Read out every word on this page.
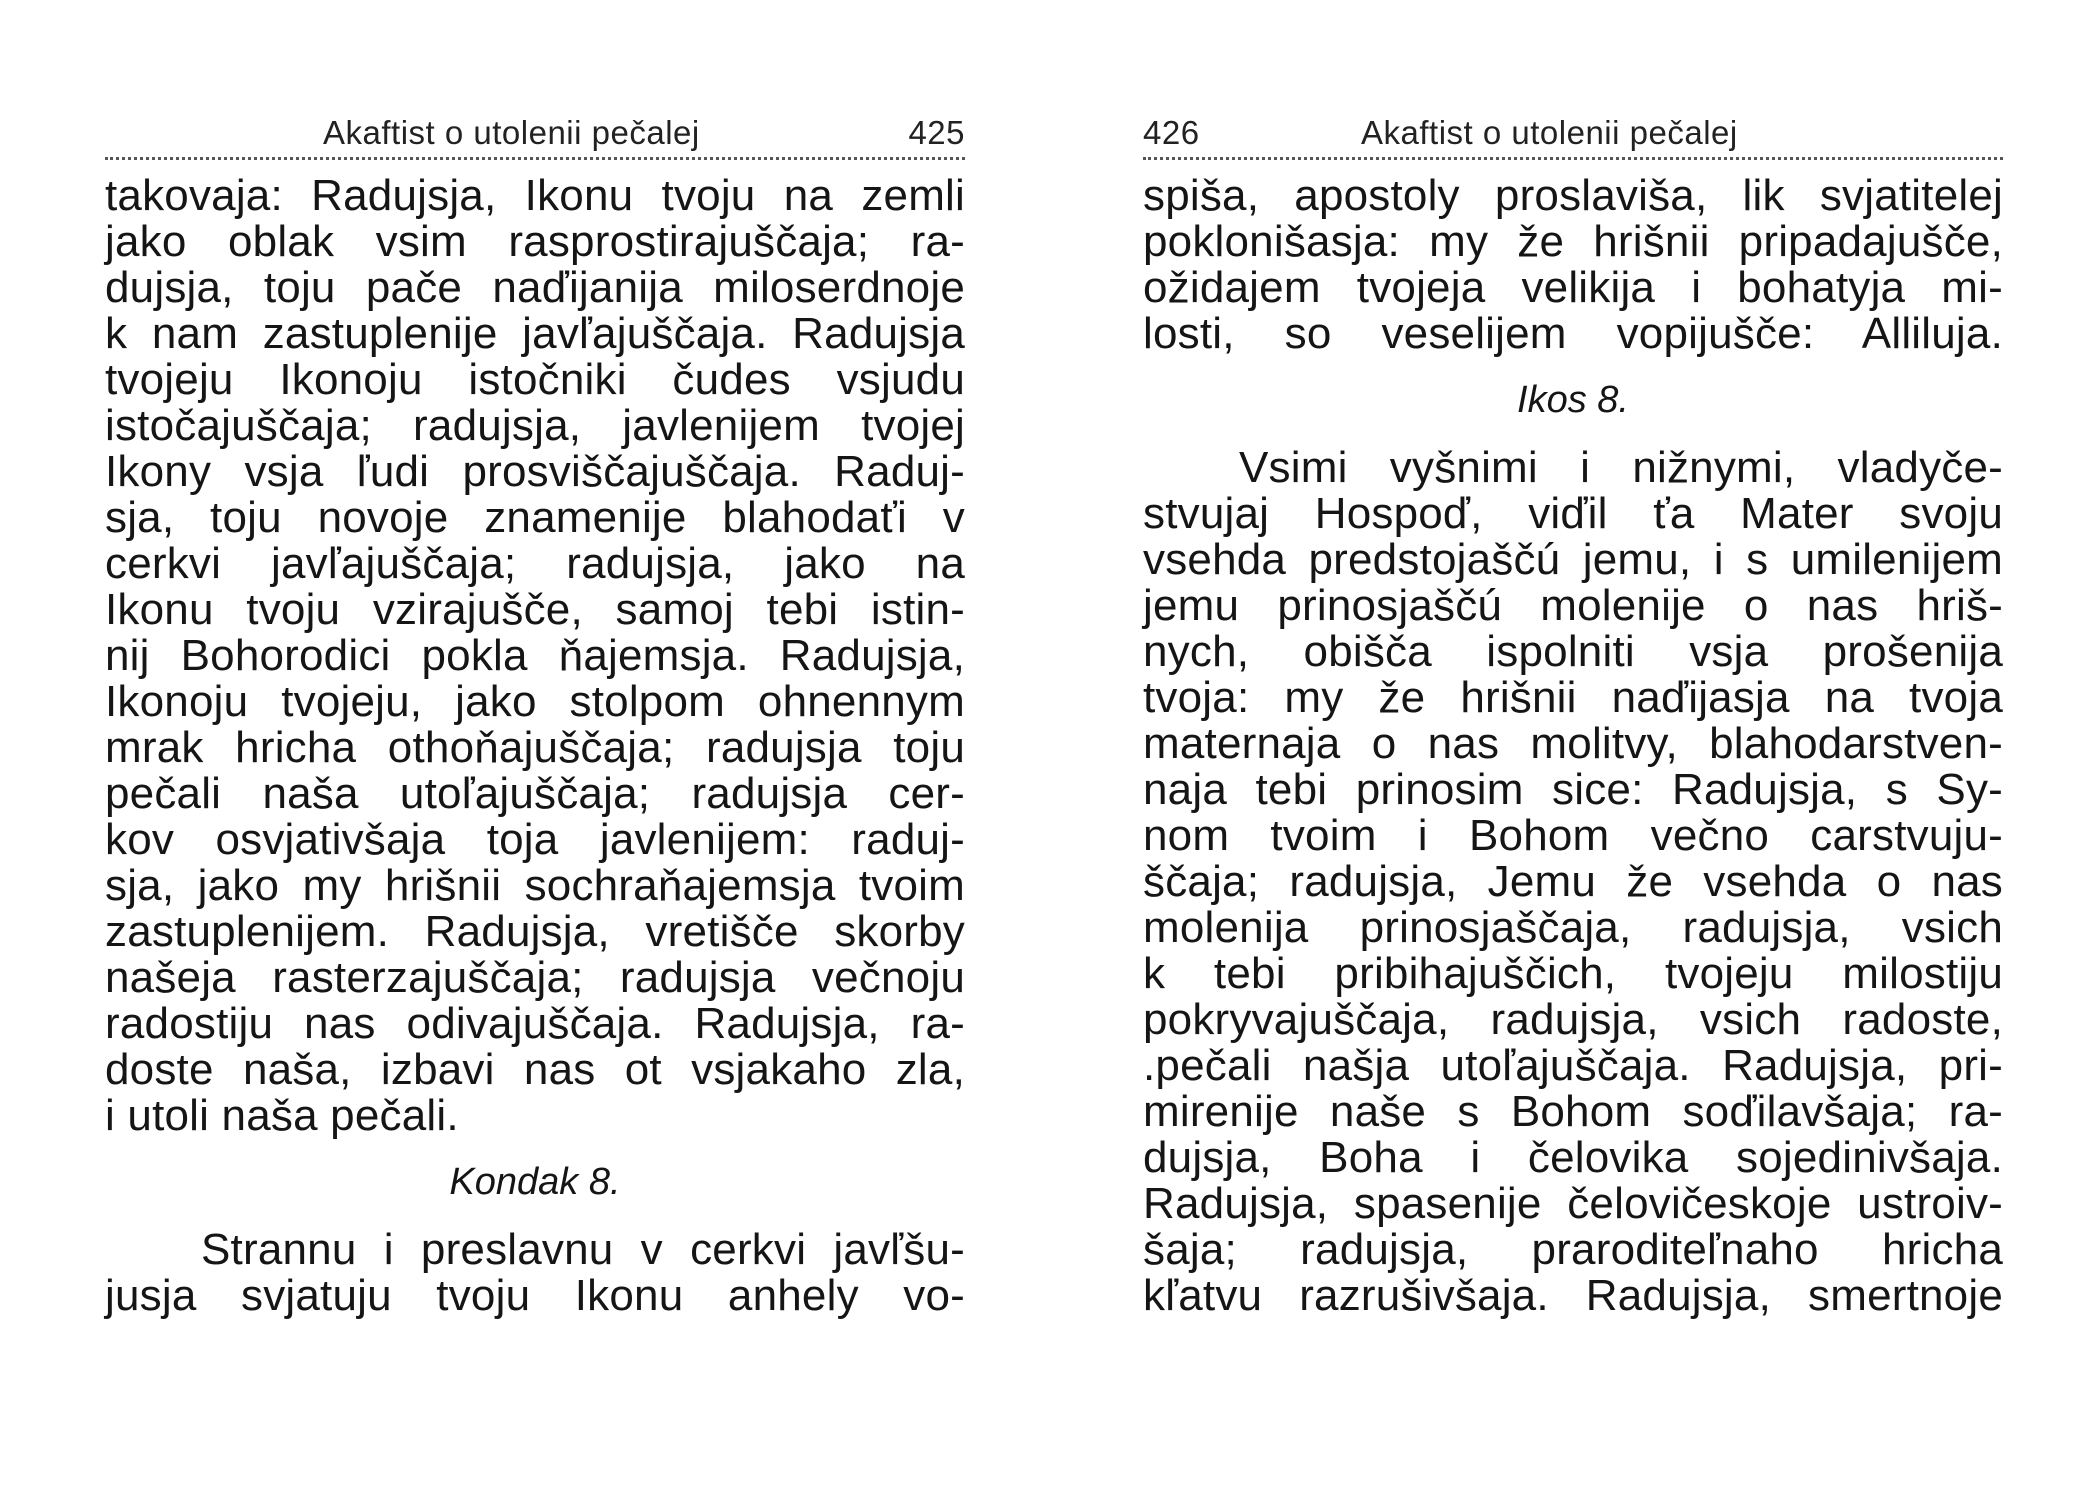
Akaftist o utolenii pečalej	425
takovaja: Radujsja, Ikonu tvoju na zemli
jako oblak vsim rasprostirajuščaja; ra-
dujsja, toju pače naďijanija miloserdnoje
k nam zastuplenije javľajuščaja. Radujsja
tvojeju Ikonoju istočniki čudes vsjudu
istočajuščaja; radujsja, javlenijem tvojej
Ikony vsja ľudi prosviščajuščaja. Raduj-
sja, toju novoje znamenije blahodaťi v
cerkvi javľajuščaja; radujsja, jako na
Ikonu tvoju vzirajušče, samoj tebi istin-
nij Bohorodici pokla ňajemsja. Radujsja,
Ikonoju tvojeju, jako stolpom ohnennym
mrak hricha othoňajuščaja; radujsja toju
pečali naša utoľajuščaja; radujsja cer-
kov osvjativšaja toja javlenijem: raduj-
sja, jako my hrišnii sochraňajemsja tvoim
zastuplenijem. Radujsja, vretišče skorby
našeja rasterzajuščaja; radujsja večnoju
radostiju nas odivajuščaja. Radujsja, ra-
doste naša, izbavi nas ot vsjakaho zla,
i utoli naša pečali.
Kondak 8.
Strannu i preslavnu v cerkvi javľšu-
jusja svjatuju tvoju Ikonu anhely vo-
426	Akaftist o utolenii pečalej
spiša, apostoly proslaviša, lik svjatitelej
poklonišasja: my že hrišnii pripadajušče,
ožidajem tvojeja velikija i bohatyja mi-
losti, so veselijem vopijušče: Alliluja.
Ikos 8.
Vsimi vyšnimi i nižnymi, vladyče-
stvujaj Hospoď, viďil ťa Mater svoju
vsehda predstojaščú jemu, i s umilenijem
jemu prinosjaščú molenije o nas hriš-
nych, obišča ispolniti vsja prošenija
tvoja: my že hrišnii naďijasja na tvoja
maternaja o nas molitvy, blahodarstven-
naja tebi prinosim sice: Radujsja, s Sy-
nom tvoim i Bohom večno carstvuju-
ščaja; radujsja, Jemu že vsehda o nas
molenija prinosjaščaja, radujsja, vsich
k tebi pribihajuščich, tvojeju milostiju
pokryvajuščaja, radujsja, vsich radoste,
.pečali našja utoľajuščaja. Radujsja, pri-
mirenije naše s Bohom soďilavšaja; ra-
dujsja, Boha i čelovika sojedinivšaja.
Radujsja, spasenije čelovičeskoje ustroiv-
šaja; radujsja, praroditeľnaho hricha
kľatvu razrušivšaja. Radujsja, smertnoje
